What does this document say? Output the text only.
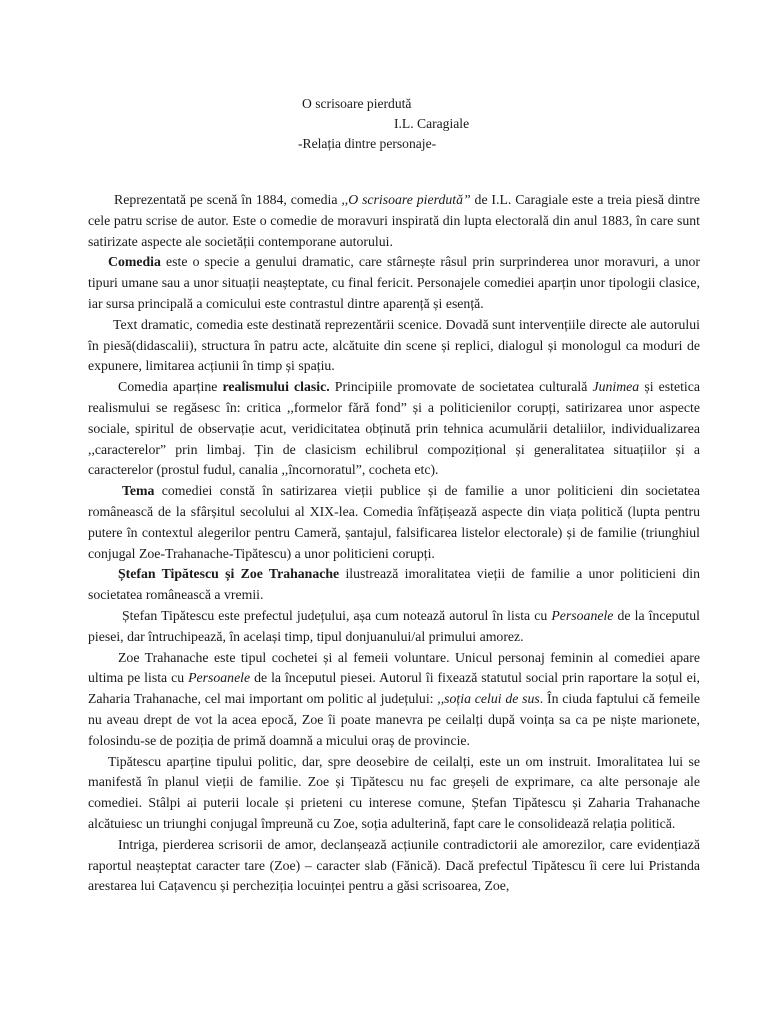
O scrisoare pierdută
I.L. Caragiale
-Relația dintre personaje-

Reprezentată pe scenă în 1884, comedia ,,O scrisoare pierdută” de I.L. Caragiale este a treia piesă dintre cele patru scrise de autor. Este o comedie de moravuri inspirată din lupta electorală din anul 1883, în care sunt satirizate aspecte ale societății contemporane autorului.

Comedia este o specie a genului dramatic, care stârnește râsul prin surprinderea unor moravuri, a unor tipuri umane sau a unor situații neașteptate, cu final fericit. Personajele comediei aparțin unor tipologii clasice, iar sursa principală a comicului este contrastul dintre aparență și esență.

Text dramatic, comedia este destinată reprezentării scenice. Dovadă sunt intervențiile directe ale autorului în piesă(didascalii), structura în patru acte, alcătuite din scene și replici, dialogul și monologul ca moduri de expunere, limitarea acțiunii în timp și spațiu.

Comedia aparține realismului clasic. Principiile promovate de societatea culturală Junimea și estetica realismului se regăsesc în: critica ,,formelor fără fond” și a politicienilor corupți, satirizarea unor aspecte sociale, spiritul de observație acut, veridicitatea obținută prin tehnica acumulării detaliilor, individualizarea ,,caracterelor” prin limbaj. Țin de clasicism echilibrul compozițional și generalitatea situațiilor și a caracterelor (prostul fudul, canalia ,,încornoratul”, cocheta etc).

Tema comediei constă în satirizarea vieții publice și de familie a unor politicieni din societatea românească de la sfârșitul secolului al XIX-lea. Comedia înfățișează aspecte din viața politică (lupta pentru putere în contextul alegerilor pentru Cameră, șantajul, falsificarea listelor electorale) și de familie (triunghiul conjugal Zoe-Trahanache-Tipătescu) a unor politicieni corupți.

Ștefan Tipătescu și Zoe Trahanache ilustrează imoralitatea vieții de familie a unor politicieni din societatea românească a vremii.

Ștefan Tipătescu este prefectul județului, așa cum notează autorul în lista cu Persoanele de la începutul piesei, dar întruchipează, în același timp, tipul donjuanului/al primului amorez.

Zoe Trahanache este tipul cochetei și al femeii voluntare. Unicul personaj feminin al comediei apare ultima pe lista cu Persoanele de la începutul piesei. Autorul îi fixează statutul social prin raportare la soțul ei, Zaharia Trahanache, cel mai important om politic al județului: ,,soția celui de sus. În ciuda faptului că femeile nu aveau drept de vot la acea epocă, Zoe îi poate manevra pe ceilalți după voința sa ca pe niște marionete, folosindu-se de poziția de primă doamnă a micului oraș de provincie.

Tipătescu aparține tipului politic, dar, spre deosebire de ceilalți, este un om instruit. Imoralitatea lui se manifestă în planul vieții de familie. Zoe și Tipătescu nu fac greșeli de exprimare, ca alte personaje ale comediei. Stâlpi ai puterii locale și prieteni cu interese comune, Ștefan Tipătescu și Zaharia Trahanache alcătuiesc un triunghi conjugal împreună cu Zoe, soția adulterină, fapt care le consolidează relația politică.

Intriga, pierderea scrisorii de amor, declanșează acțiunile contradictorii ale amorezilor, care evidențiază raportul neașteptat caracter tare (Zoe) – caracter slab (Fănică). Dacă prefectul Tipătescu îi cere lui Pristanda arestarea lui Cațavencu și percheziția locuinței pentru a găsi scrisoarea, Zoe,
